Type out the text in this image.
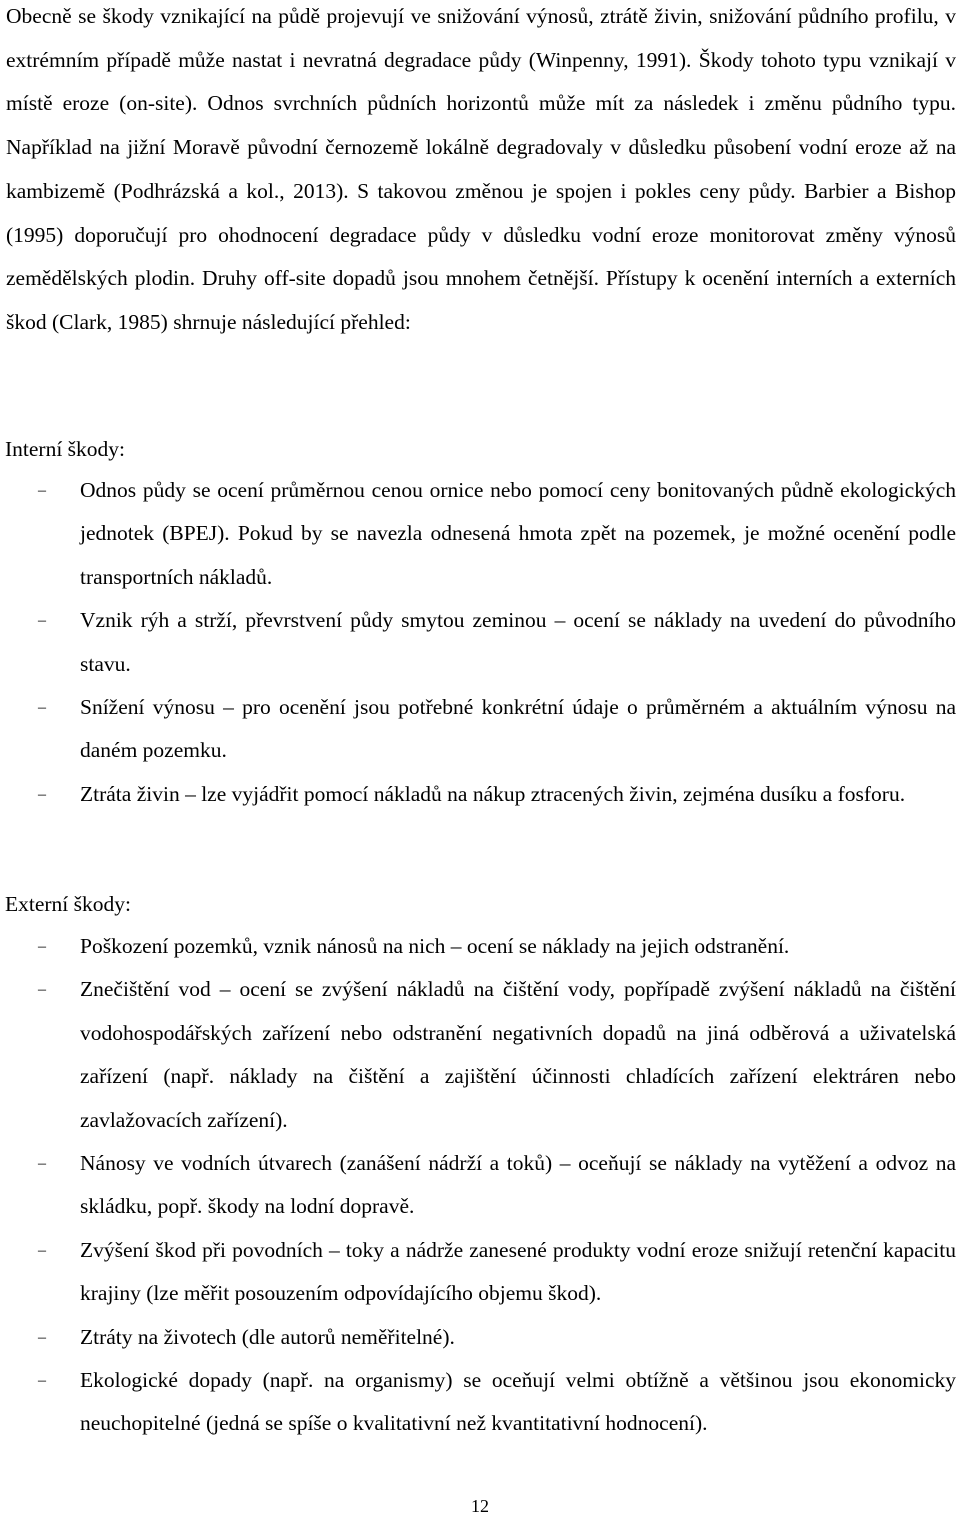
Obecně se škody vznikající na půdě projevují ve snižování výnosů, ztrátě živin, snižování půdního profilu, v extrémním případě může nastat i nevratná degradace půdy (Winpenny, 1991). Škody tohoto typu vznikají v místě eroze (on-site). Odnos svrchních půdních horizontů může mít za následek i změnu půdního typu. Například na jižní Moravě původní černozemě lokálně degradovaly v důsledku působení vodní eroze až na kambizemě (Podhrázská a kol., 2013). S takovou změnou je spojen i pokles ceny půdy. Barbier a Bishop (1995) doporučují pro ohodnocení degradace půdy v důsledku vodní eroze monitorovat změny výnosů zemědělských plodin. Druhy off-site dopadů jsou mnohem četnější. Přístupy k ocenění interních a externích škod (Clark, 1985) shrnuje následující přehled:

Interní škody:
– Odnos půdy se ocení průměrnou cenou ornice nebo pomocí ceny bonitovaných půdně ekologických jednotek (BPEJ). Pokud by se navezla odnesená hmota zpět na pozemek, je možné ocenění podle transportních nákladů.
– Vznik rýh a strží, převrstvení půdy smytou zeminou – ocení se náklady na uvedení do původního stavu.
– Snížení výnosu – pro ocenění jsou potřebné konkrétní údaje o průměrném a aktuálním výnosu na daném pozemku.
– Ztráta živin – lze vyjádřit pomocí nákladů na nákup ztracených živin, zejména dusíku a fosforu.
Externí škody:
– Poškození pozemků, vznik nánosů na nich – ocení se náklady na jejich odstranění.
– Znečištění vod – ocení se zvýšení nákladů na čištění vody, popřípadě zvýšení nákladů na čištění vodohospodářských zařízení nebo odstranění negativních dopadů na jiná odběrová a uživatelská zařízení (např. náklady na čištění a zajištění účinnosti chladících zařízení elektráren nebo zavlažovacích zařízení).
– Nánosy ve vodních útvarech (zanášení nádrží a toků) – oceňují se náklady na vytěžení a odvoz na skládku, popř. škody na lodní dopravě.
– Zvýšení škod při povodních – toky a nádrže zanesené produkty vodní eroze snižují retenční kapacitu krajiny (lze měřit posouzením odpovídajícího objemu škod).
– Ztráty na životech (dle autorů neměřitelné).
– Ekologické dopady (např. na organismy) se oceňují velmi obtížně a většinou jsou ekonomicky neuchopitelné (jedná se spíše o kvalitativní než kvantitativní hodnocení).
12
